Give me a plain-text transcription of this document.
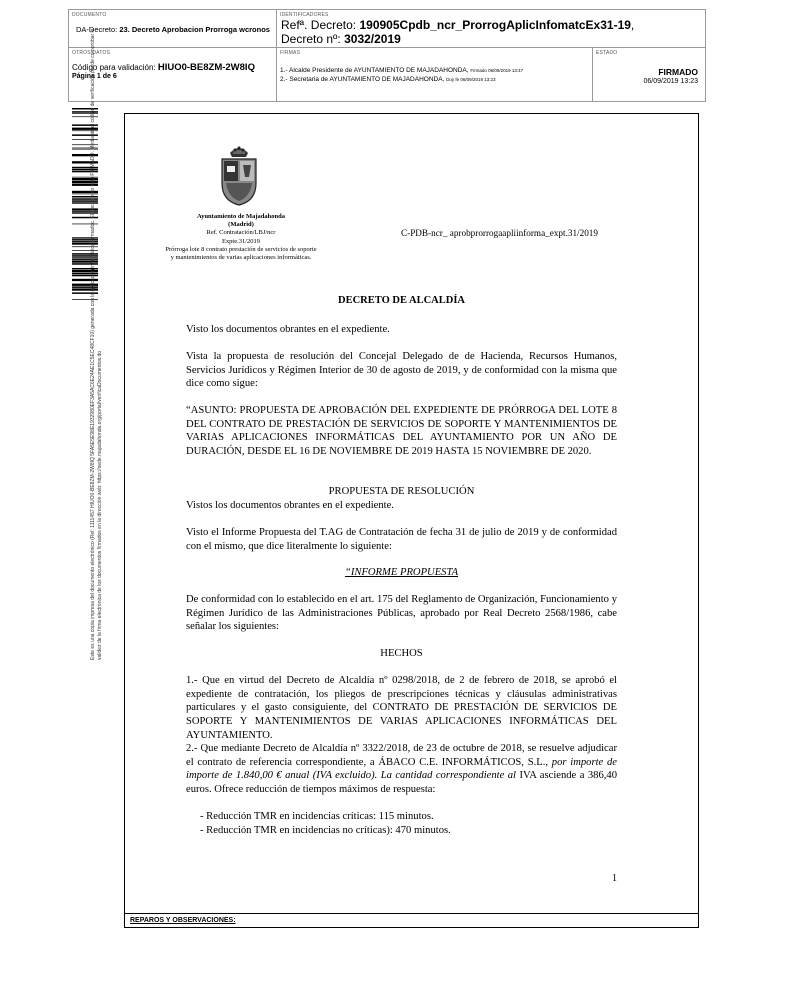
DOCUMENTO
DA-Decreto: 23. Decreto Aprobacion Prorroga wcronos
IDENTIFICADORES
Refª. Decreto: 190905Cpdb_ncr_ProrrogAplicInfomatcEx31-19,
Decreto nº: 3032/2019
OTROS DATOS
Código para validación: HIUO0-BE8ZM-2W8IQ
Página 1 de 6
FIRMAS
1.- Alcalde Presidente de AYUNTAMIENTO DE MAJADAHONDA, Firmado 06/09/2019 13:47
2.- Secretaria de AYUNTAMIENTO DE MAJADAHONDA, Doy fe 06/09/2019 13:23
ESTADO
FIRMADO
06/09/2019 13:23
Este es una copia impresa del documento electrónico (Ref: 1111457 HIUO0-BE8ZM-2W8IQ 5FA5E5E98E1932980EF3A5AC6E24AE1C5EC48CF10) generada con la aplicación informática Firmadoc. El documento está FIRMADO. Mediante el código de verificación puede comprobar la validez de la firma electrónica de los documentos firmados en la dirección web: https://sede.majadahonda.org/portal/verificaDocumentos.do
Ayuntamiento de Majadahonda
(Madrid)
Ref. Contratación/LBJ/ncr
Expte.31/2019
Prórroga lote 8 contrato prestación de servicios de soporte y mantenimientos de varias aplicaciones informáticas.
C-PDB-ncr_ aprobprorrogaapliinforma_expt.31/2019
DECRETO DE ALCALDÍA
Visto los documentos obrantes en el expediente.
Vista la propuesta de resolución del Concejal Delegado de de Hacienda, Recursos Humanos, Servicios Jurídicos y Régimen Interior de 30 de agosto de 2019, y de conformidad con la misma que dice como sigue:
“ASUNTO: PROPUESTA DE APROBACIÓN DEL EXPEDIENTE DE PRÓRROGA DEL LOTE 8 DEL CONTRATO DE PRESTACIÓN DE SERVICIOS DE SOPORTE Y MANTENIMIENTOS DE VARIAS APLICACIONES INFORMÁTICAS DEL AYUNTAMIENTO POR UN AÑO DE DURACIÓN, DESDE EL 16 DE NOVIEMBRE DE 2019 HASTA 15 NOVIEMBRE DE 2020.
PROPUESTA DE RESOLUCIÓN
Vistos los documentos obrantes en el expediente.
Visto el Informe Propuesta del T.AG de Contratación de fecha 31 de julio de 2019 y de conformidad con el mismo, que dice literalmente lo siguiente:
“INFORME PROPUESTA
De conformidad con lo establecido en el art. 175 del Reglamento de Organización, Funcionamiento y Régimen Jurídico de las Administraciones Públicas, aprobado por Real Decreto 2568/1986, cabe señalar los siguientes:
HECHOS
1.- Que en virtud del Decreto de Alcaldía nº 0298/2018, de 2 de febrero de 2018, se aprobó el expediente de contratación, los pliegos de prescripciones técnicas y cláusulas administrativas particulares y el gasto consiguiente, del CONTRATO DE PRESTACIÓN DE SERVICIOS DE SOPORTE Y MANTENIMIENTOS DE VARIAS APLICACIONES INFORMÁTICAS DEL AYUNTAMIENTO.
2.- Que mediante Decreto de Alcaldía nº 3322/2018, de 23 de octubre de 2018, se resuelve adjudicar el contrato de referencia correspondiente, a ÁBACO C.E. INFORMÁTICOS, S.L., por importe de importe de 1.840,00 € anual (IVA excluido). La cantidad correspondiente al IVA asciende a 386,40 euros. Ofrece reducción de tiempos máximos de respuesta:
- Reducción TMR en incidencias críticas: 115 minutos.
- Reducción TMR en incidencias no críticas): 470 minutos.
1
REPAROS Y OBSERVACIONES:
